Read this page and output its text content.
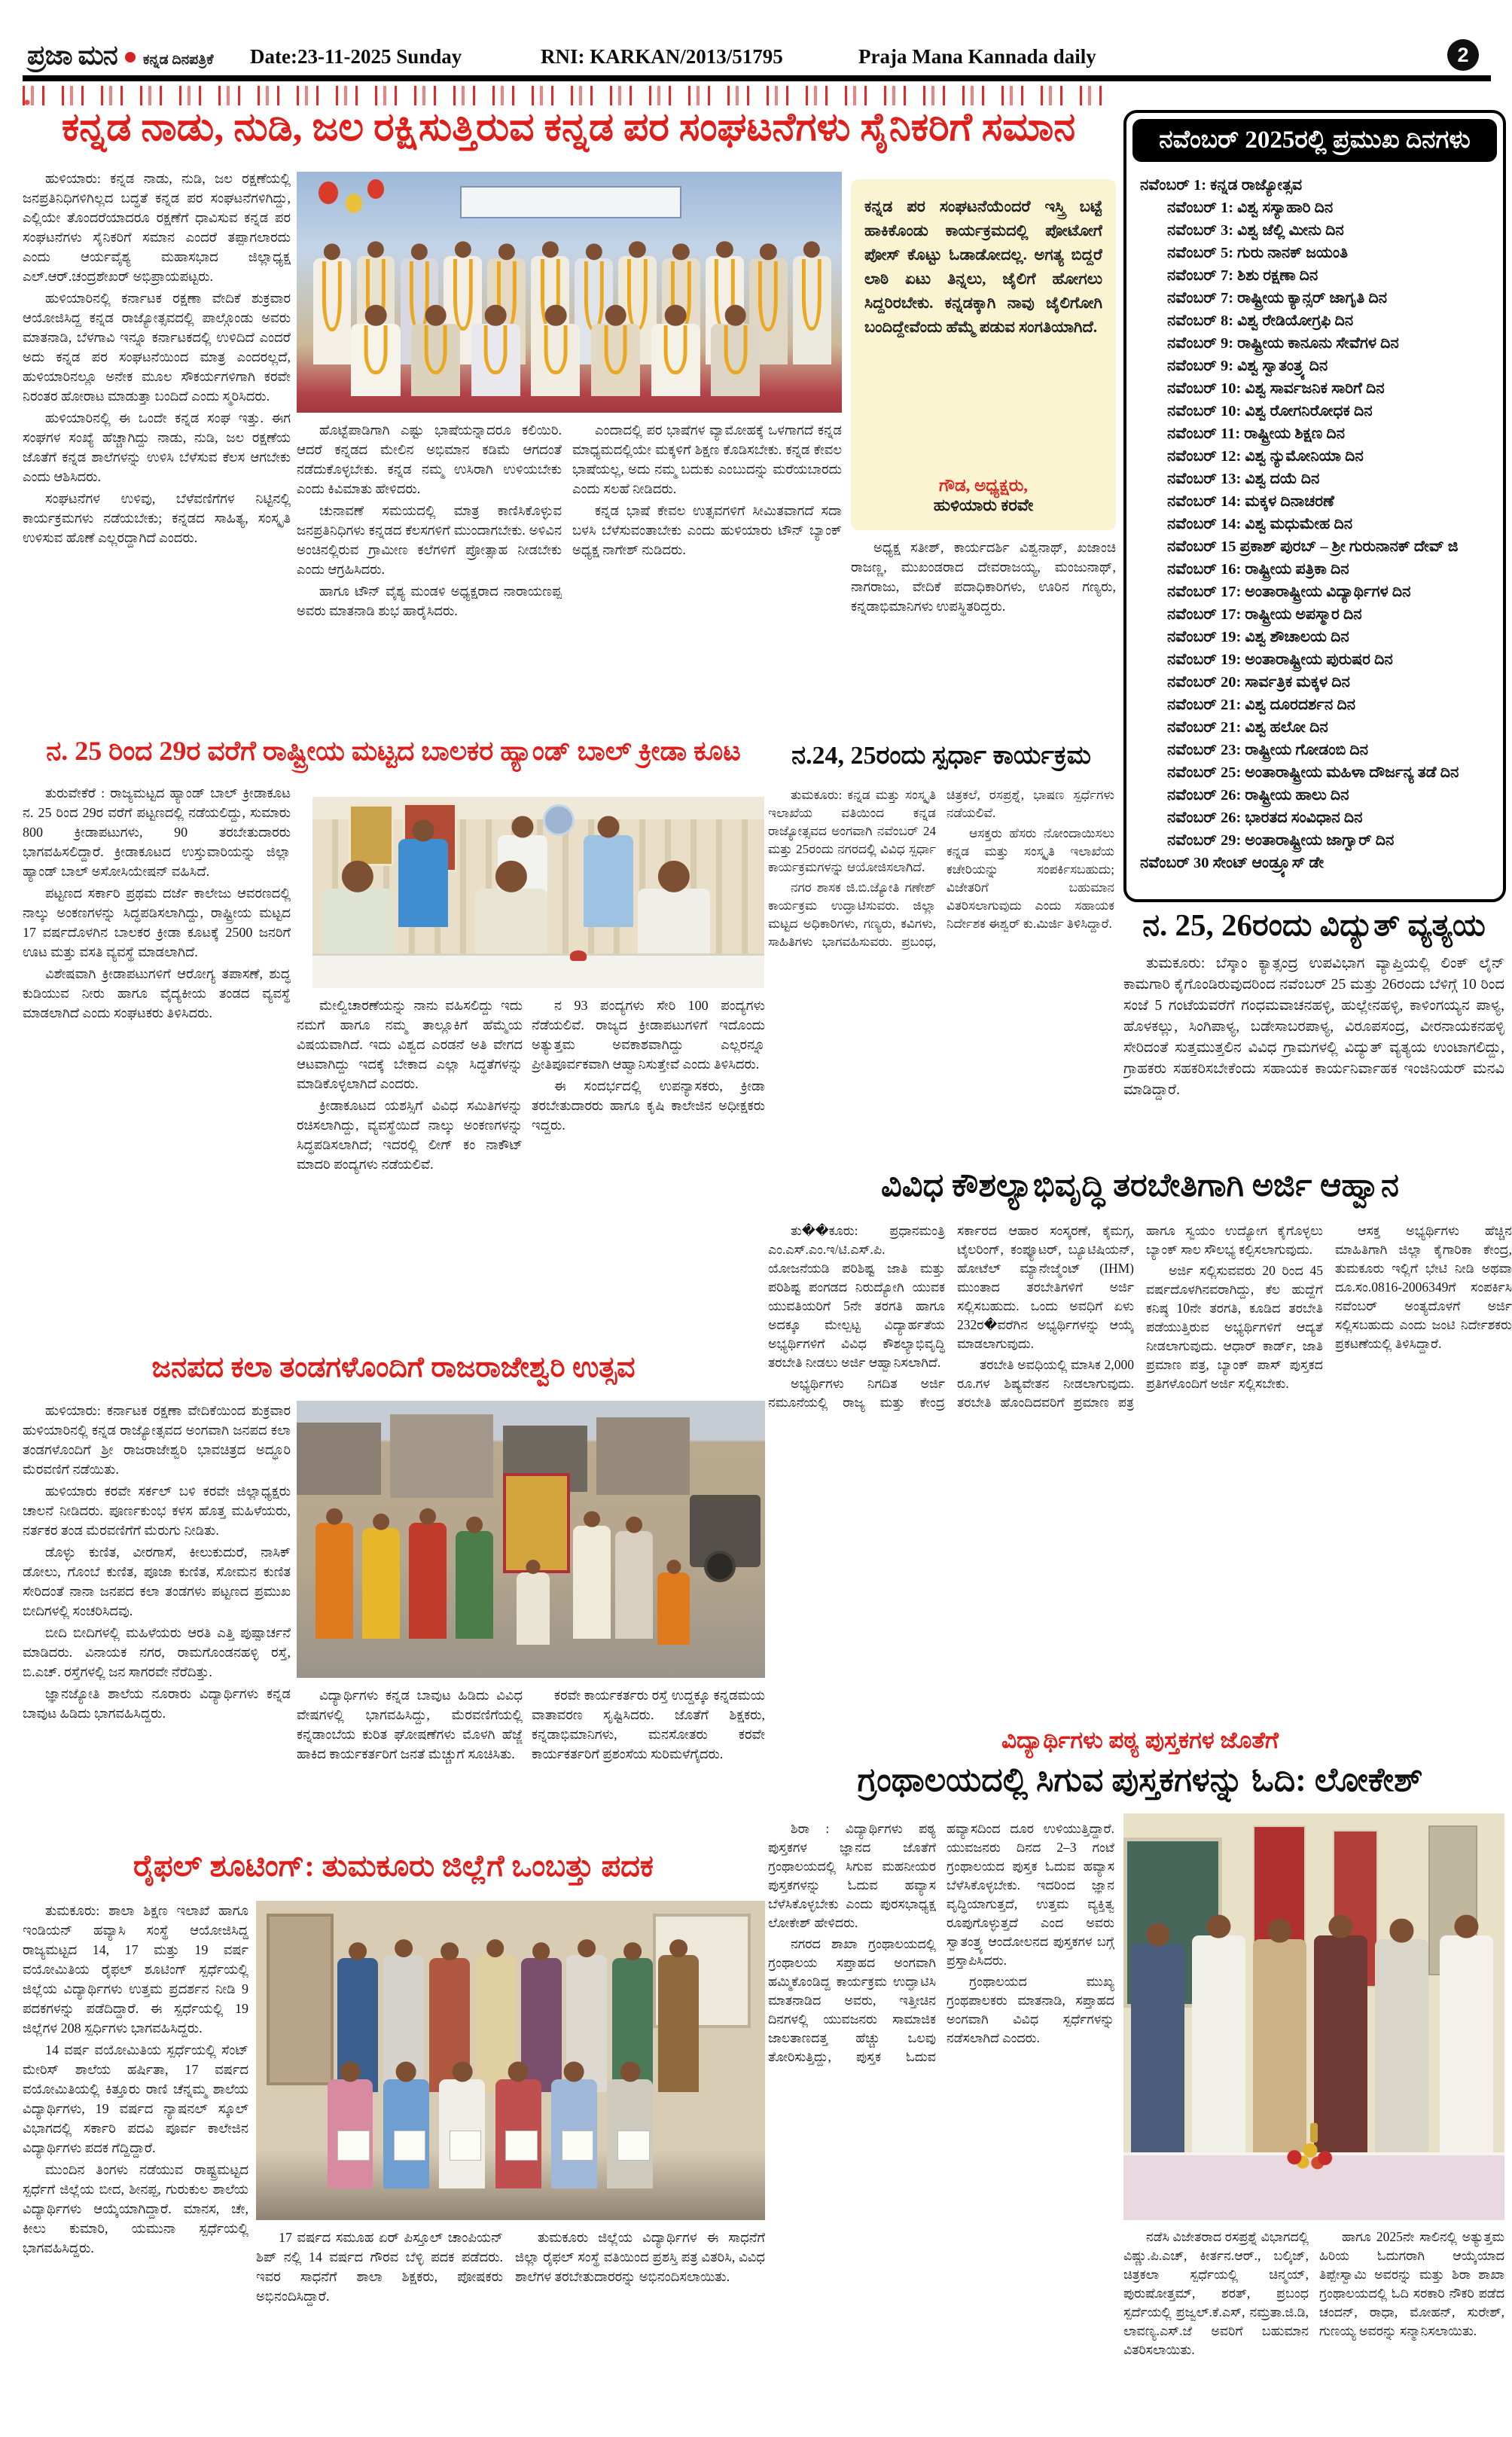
ಪ್ರಜಾ ಮನ ಕನ್ನಡ ದಿನಪತ್ರಿಕೆ Date:23-11-2025 Sunday	RNI: KARKAN/2013/51795	Praja Mana Kannada daily	2
ಕನ್ನಡ ನಾಡು, ನುಡಿ, ಜಲ ರಕ್ಷಿಸುತ್ತಿರುವ ಕನ್ನಡ ಪರ ಸಂಘಟನೆಗಳು ಸೈನಿಕರಿಗೆ ಸಮಾನ

ಹುಳಿಯಾರು: ಕನ್ನಡ ನಾಡು, ನುಡಿ, ಜಲ ರಕ್ಷಣೆಯಲ್ಲಿ ಜನಪ್ರತಿನಿಧಿಗಳಿಗಿಲ್ಲದ ಬದ್ಧತೆ ಕನ್ನಡ ಪರ ಸಂಘಟನೆಗಳಿಗಿದ್ದು, ಎಲ್ಲಿಯೇ ತೊಂದರೆಯಾದರೂ ರಕ್ಷಣೆಗೆ ಧಾವಿಸುವ ಕನ್ನಡ ಪರ ಸಂಘಟನೆಗಳು ಸೈನಿಕರಿಗೆ ಸಮಾನ ಎಂದರೆ ತಪ್ಪಾಗಲಾರದು ಎಂದು ಆರ್ಯವೈಶ್ಯ ಮಹಾಸಭಾದ ಜಿಲ್ಲಾಧ್ಯಕ್ಷ ಎಲ್.ಆರ್.ಚಂದ್ರಶೇಖರ್ ಅಭಿಪ್ರಾಯಪಟ್ಟರು.

ಹುಳಿಯಾರಿನಲ್ಲಿ ಕರ್ನಾಟಕ ರಕ್ಷಣಾ ವೇದಿಕೆ ಶುಕ್ರವಾರ ಆಯೋಜಿಸಿದ್ದ ಕನ್ನಡ ರಾಜ್ಯೋತ್ಸವದಲ್ಲಿ ಪಾಲ್ಗೊಂಡು ಅವರು ಮಾತನಾಡಿ, ಬೆಳಗಾವಿ ಇನ್ನೂ ಕರ್ನಾಟಕದಲ್ಲಿ ಉಳಿದಿದೆ ಎಂದರೆ ಅದು ಕನ್ನಡ ಪರ ಸಂಘಟನೆಯಿಂದ ಮಾತ್ರ ಎಂದರಲ್ಲದೆ, ಹುಳಿಯಾರಿನಲ್ಲೂ ಅನೇಕ ಮೂಲ ಸೌಕರ್ಯಗಳಿಗಾಗಿ ಕರವೇ ನಿರಂತರ ಹೋರಾಟ ಮಾಡುತ್ತಾ ಬಂದಿದೆ ಎಂದು ಸ್ಮರಿಸಿದರು.

ಹುಳಿಯಾರಿನಲ್ಲಿ ಈ ಒಂದೇ ಕನ್ನಡ ಸಂಘ ಇತ್ತು. ಈಗ ಸಂಘಗಳ ಸಂಖ್ಯೆ ಹೆಚ್ಚಾಗಿದ್ದು ನಾಡು, ನುಡಿ, ಜಲ ರಕ್ಷಣೆಯ ಜೊತೆಗೆ ಕನ್ನಡ ಶಾಲೆಗಳನ್ನು ಉಳಿಸಿ ಬೆಳೆಸುವ ಕೆಲಸ ಆಗಬೇಕು ಎಂದು ಆಶಿಸಿದರು.

ಸಂಘಟನೆಗಳ ಉಳಿವು, ಬೆಳೆವಣಿಗೆಗಳ ನಿಟ್ಟಿನಲ್ಲಿ ಕಾರ್ಯಕ್ರಮಗಳು ನಡೆಯಬೇಕು; ಕನ್ನಡದ ಸಾಹಿತ್ಯ, ಸಂಸ್ಕೃತಿ ಉಳಿಸುವ ಹೊಣೆ ಎಲ್ಲರದ್ದಾಗಿದೆ ಎಂದರು.

ಹೊಟ್ಟೆಪಾಡಿಗಾಗಿ ಎಷ್ಟು ಭಾಷೆಯನ್ನಾದರೂ ಕಲಿಯಿರಿ. ಆದರೆ ಕನ್ನಡದ ಮೇಲಿನ ಅಭಿಮಾನ ಕಡಿಮೆ ಆಗದಂತೆ ನಡೆದುಕೊಳ್ಳಬೇಕು. ಕನ್ನಡ ನಮ್ಮ ಉಸಿರಾಗಿ ಉಳಿಯಬೇಕು ಎಂದು ಕಿವಿಮಾತು ಹೇಳಿದರು.

ಚುನಾವಣೆ ಸಮಯದಲ್ಲಿ ಮಾತ್ರ ಕಾಣಿಸಿಕೊಳ್ಳುವ ಜನಪ್ರತಿನಿಧಿಗಳು ಕನ್ನಡದ ಕೆಲಸಗಳಿಗೆ ಮುಂದಾಗಬೇಕು. ಅಳಿವಿನ ಅಂಚಿನಲ್ಲಿರುವ ಗ್ರಾಮೀಣ ಕಲೆಗಳಿಗೆ ಪ್ರೋತ್ಸಾಹ ನೀಡಬೇಕು ಎಂದು ಆಗ್ರಹಿಸಿದರು.

ಹಾಗೂ ಟೌನ್ ವೈಶ್ಯ ಮಂಡಳಿ ಅಧ್ಯಕ್ಷರಾದ ನಾರಾಯಣಪ್ಪ ಅವರು ಮಾತನಾಡಿ ಶುಭ ಹಾರೈಸಿದರು.

ಎಂದಾದಲ್ಲಿ ಪರ ಭಾಷೆಗಳ ವ್ಯಾಮೋಹಕ್ಕೆ ಒಳಗಾಗದೆ ಕನ್ನಡ ಮಾಧ್ಯಮದಲ್ಲಿಯೇ ಮಕ್ಕಳಿಗೆ ಶಿಕ್ಷಣ ಕೊಡಿಸಬೇಕು. ಕನ್ನಡ ಕೇವಲ ಭಾಷೆಯಲ್ಲ, ಅದು ನಮ್ಮ ಬದುಕು ಎಂಬುದನ್ನು ಮರೆಯಬಾರದು ಎಂದು ಸಲಹೆ ನೀಡಿದರು.

ಕನ್ನಡ ಭಾಷೆ ಕೇವಲ ಉತ್ಸವಗಳಿಗೆ ಸೀಮಿತವಾಗದೆ ಸದಾ ಬಳಸಿ ಬೆಳೆಸುವಂತಾಬೇಕು ಎಂದು ಹುಳಿಯಾರು ಟೌನ್ ಬ್ಯಾಂಕ್ ಅಧ್ಯಕ್ಷ ನಾಗೇಶ್ ನುಡಿದರು.

ಕನ್ನಡ ಪರ ಸಂಘಟನೆಯೆಂದರೆ ಇಸ್ತ್ರಿ ಬಟ್ಟೆ ಹಾಕಿಕೊಂಡು ಕಾರ್ಯಕ್ರಮದಲ್ಲಿ ಪೋಟೋಗೆ ಪೋಸ್ ಕೊಟ್ಟು ಓಡಾಡೋದಲ್ಲ. ಅಗತ್ಯ ಬಿದ್ದರೆ ಲಾಠಿ ಏಟು ತಿನ್ನಲು, ಜೈಲಿಗೆ ಹೋಗಲು ಸಿದ್ದರಿರಬೇಕು. ಕನ್ನಡಕ್ಕಾಗಿ ನಾವು ಜೈಲಿಗೋಗಿ ಬಂದಿದ್ದೇವೆಂದು ಹೆಮ್ಮೆ ಪಡುವ ಸಂಗತಿಯಾಗಿದೆ.
ಗೌಡ, ಅಧ್ಯಕ್ಷರು,
ಹುಳಿಯಾರು ಕರವೇ

ಅಧ್ಯಕ್ಷ ಸತೀಶ್, ಕಾರ್ಯದರ್ಶಿ ವಿಶ್ವನಾಥ್, ಖಜಾಂಚಿ ರಾಜಣ್ಣ, ಮುಖಂಡರಾದ ದೇವರಾಜಯ್ಯ, ಮಂಜುನಾಥ್, ನಾಗರಾಜು, ವೇದಿಕೆ ಪದಾಧಿಕಾರಿಗಳು, ಊರಿನ ಗಣ್ಯರು, ಕನ್ನಡಾಭಿಮಾನಿಗಳು ಉಪಸ್ಥಿತರಿದ್ದರು.

ನವೆಂಬರ್ 2025ರಲ್ಲಿ ಪ್ರಮುಖ ದಿನಗಳು

ನವೆಂಬರ್ 1: ಕನ್ನಡ ರಾಜ್ಯೋತ್ಸವ

ನವೆಂಬರ್ 1: ವಿಶ್ವ ಸಸ್ಯಾಹಾರಿ ದಿನ

ನವೆಂಬರ್ 3: ವಿಶ್ವ ಜೆಲ್ಲಿ ಮೀನು ದಿನ

ನವೆಂಬರ್ 5: ಗುರು ನಾನಕ್ ಜಯಂತಿ

ನವೆಂಬರ್ 7: ಶಿಶು ರಕ್ಷಣಾ ದಿನ

ನವೆಂಬರ್ 7: ರಾಷ್ಟ್ರೀಯ ಕ್ಯಾನ್ಸರ್ ಜಾಗೃತಿ ದಿನ

ನವೆಂಬರ್ 8: ವಿಶ್ವ ರೇಡಿಯೋಗ್ರಫಿ ದಿನ

ನವೆಂಬರ್ 9: ರಾಷ್ಟ್ರೀಯ ಕಾನೂನು ಸೇವೆಗಳ ದಿನ

ನವೆಂಬರ್ 9: ವಿಶ್ವ ಸ್ವಾತಂತ್ರ್ಯ ದಿನ

ನವೆಂಬರ್ 10: ವಿಶ್ವ ಸಾರ್ವಜನಿಕ ಸಾರಿಗೆ ದಿನ

ನವೆಂಬರ್ 10: ವಿಶ್ವ ರೋಗನಿರೋಧಕ ದಿನ

ನವೆಂಬರ್ 11: ರಾಷ್ಟ್ರೀಯ ಶಿಕ್ಷಣ ದಿನ

ನವೆಂಬರ್ 12: ವಿಶ್ವ ನ್ಯುಮೋನಿಯಾ ದಿನ

ನವೆಂಬರ್ 13: ವಿಶ್ವ ದಯೆ ದಿನ

ನವೆಂಬರ್ 14: ಮಕ್ಕಳ ದಿನಾಚರಣೆ

ನವೆಂಬರ್ 14: ವಿಶ್ವ ಮಧುಮೇಹ ದಿನ

ನವೆಂಬರ್ 15 ಪ್ರಕಾಶ್ ಪುರಬ್ – ಶ್ರೀ ಗುರುನಾನಕ್ ದೇವ್ ಜಿ

ನವೆಂಬರ್ 16: ರಾಷ್ಟ್ರೀಯ ಪತ್ರಿಕಾ ದಿನ

ನವೆಂಬರ್ 17: ಅಂತಾರಾಷ್ಟ್ರೀಯ ವಿದ್ಯಾರ್ಥಿಗಳ ದಿನ

ನವೆಂಬರ್ 17: ರಾಷ್ಟ್ರೀಯ ಅಪಸ್ಮಾರ ದಿನ

ನವೆಂಬರ್ 19: ವಿಶ್ವ ಶೌಚಾಲಯ ದಿನ

ನವೆಂಬರ್ 19: ಅಂತಾರಾಷ್ಟ್ರೀಯ ಪುರುಷರ ದಿನ

ನವೆಂಬರ್ 20: ಸಾರ್ವತ್ರಿಕ ಮಕ್ಕಳ ದಿನ

ನವೆಂಬರ್ 21: ವಿಶ್ವ ದೂರದರ್ಶನ ದಿನ

ನವೆಂಬರ್ 21: ವಿಶ್ವ ಹಲೋ ದಿನ

ನವೆಂಬರ್ 23: ರಾಷ್ಟ್ರೀಯ ಗೋಡಂಬಿ ದಿನ

ನವೆಂಬರ್ 25: ಅಂತಾರಾಷ್ಟ್ರೀಯ ಮಹಿಳಾ ದೌರ್ಜನ್ಯ ತಡೆ ದಿನ

ನವೆಂಬರ್ 26: ರಾಷ್ಟ್ರೀಯ ಹಾಲು ದಿನ

ನವೆಂಬರ್ 26: ಭಾರತದ ಸಂವಿಧಾನ ದಿನ

ನವೆಂಬರ್ 29: ಅಂತಾರಾಷ್ಟ್ರೀಯ ಜಾಗ್ವಾರ್ ದಿನ

ನವೆಂಬರ್ 30 ಸೇಂಟ್ ಆಂಡ್ರ್ಯೂಸ್ ಡೇ

ನ. 25, 26ರಂದು ವಿದ್ಯುತ್ ವ್ಯತ್ಯಯ

ತುಮಕೂರು: ಬೆಸ್ಕಾಂ ಕ್ಯಾತ್ಸಂದ್ರ ಉಪವಿಭಾಗ ವ್ಯಾಪ್ತಿಯಲ್ಲಿ ಲಿಂಕ್ ಲೈನ್ ಕಾಮಗಾರಿ ಕೈಗೊಂಡಿರುವುದರಿಂದ ನವೆಂಬರ್ 25 ಮತ್ತು 26ರಂದು ಬೆಳಿಗ್ಗೆ 10 ರಿಂದ ಸಂಜೆ 5 ಗಂಟೆಯವರೆಗೆ ಗಂಧಮವಾಚನಹಳ್ಳಿ, ಹುಲ್ಲೇನಹಳ್ಳಿ, ಕಾಳಿಂಗಯ್ಯನ ಪಾಳ್ಯ, ಹೊಳಕಲ್ಲು, ಸಿಂಗಿಪಾಳ್ಯ, ಬಡೇಸಾಬರಪಾಳ್ಯ, ವಿರೂಪಸಂದ್ರ, ವೀರನಾಯಕನಹಳ್ಳಿ ಸೇರಿದಂತೆ ಸುತ್ತಮುತ್ತಲಿನ ವಿವಿಧ ಗ್ರಾಮಗಳಲ್ಲಿ ವಿದ್ಯುತ್ ವ್ಯತ್ಯಯ ಉಂಟಾಗಲಿದ್ದು, ಗ್ರಾಹಕರು ಸಹಕರಿಸಬೇಕೆಂದು ಸಹಾಯಕ ಕಾರ್ಯನಿರ್ವಾಹಕ ಇಂಜಿನಿಯರ್ ಮನವಿ ಮಾಡಿದ್ದಾರೆ.

ನ. 25 ರಿಂದ 29ರ ವರೆಗೆ ರಾಷ್ಟ್ರೀಯ ಮಟ್ಟದ ಬಾಲಕರ ಹ್ಯಾಂಡ್ ಬಾಲ್ ಕ್ರೀಡಾ ಕೂಟ

ತುರುವೇಕೆರೆ : ರಾಜ್ಯಮಟ್ಟದ ಹ್ಯಾಂಡ್ ಬಾಲ್ ಕ್ರೀಡಾಕೂಟ ನ. 25 ರಿಂದ 29ರ ವರೆಗೆ ಪಟ್ಟಣದಲ್ಲಿ ನಡೆಯಲಿದ್ದು, ಸುಮಾರು 800 ಕ್ರೀಡಾಪಟುಗಳು, 90 ತರಬೇತುದಾರರು ಭಾಗವಹಿಸಲಿದ್ದಾರೆ. ಕ್ರೀಡಾಕೂಟದ ಉಸ್ತುವಾರಿಯನ್ನು ಜಿಲ್ಲಾ ಹ್ಯಾಂಡ್ ಬಾಲ್ ಅಸೋಸಿಯೇಷನ್ ವಹಿಸಿದೆ.

ಪಟ್ಟಣದ ಸರ್ಕಾರಿ ಪ್ರಥಮ ದರ್ಜೆ ಕಾಲೇಜು ಆವರಣದಲ್ಲಿ ನಾಲ್ಕು ಅಂಕಣಗಳನ್ನು ಸಿದ್ಧಪಡಿಸಲಾಗಿದ್ದು, ರಾಷ್ಟ್ರೀಯ ಮಟ್ಟದ 17 ವರ್ಷದೊಳಗಿನ ಬಾಲಕರ ಕ್ರೀಡಾ ಕೂಟಕ್ಕೆ 2500 ಜನರಿಗೆ ಊಟ ಮತ್ತು ವಸತಿ ವ್ಯವಸ್ಥೆ ಮಾಡಲಾಗಿದೆ.

ವಿಶೇಷವಾಗಿ ಕ್ರೀಡಾಪಟುಗಳಿಗೆ ಆರೋಗ್ಯ ತಪಾಸಣೆ, ಶುದ್ಧ ಕುಡಿಯುವ ನೀರು ಹಾಗೂ ವೈದ್ಯಕೀಯ ತಂಡದ ವ್ಯವಸ್ಥೆ ಮಾಡಲಾಗಿದೆ ಎಂದು ಸಂಘಟಕರು ತಿಳಿಸಿದರು.	ಮೇಲ್ವಿಚಾರಣೆಯನ್ನು ನಾನು ವಹಿಸಲಿದ್ದು ಇದು ನಮಗೆ ಹಾಗೂ ನಮ್ಮ ತಾಲ್ಲೂಕಿಗೆ ಹೆಮ್ಮೆಯ ವಿಷಯವಾಗಿದೆ. ಇದು ವಿಶ್ವದ ಎರಡನೆ ಅತಿ ವೇಗದ ಆಟವಾಗಿದ್ದು ಇದಕ್ಕೆ ಬೇಕಾದ ಎಲ್ಲಾ ಸಿದ್ಧತೆಗಳನ್ನು ಮಾಡಿಕೊಳ್ಳಲಾಗಿದೆ ಎಂದರು.

ಕ್ರೀಡಾಕೂಟದ ಯಶಸ್ಸಿಗೆ ವಿವಿಧ ಸಮಿತಿಗಳನ್ನು ರಚಿಸಲಾಗಿದ್ದು, ವ್ಯವಸ್ಥೆಯಿದೆ ನಾಲ್ಕು ಅಂಕಣಗಳನ್ನು ಸಿದ್ಧಪಡಿಸಲಾಗಿದೆ; ಇದರಲ್ಲಿ ಲೀಗ್ ಕಂ ನಾಕೌಟ್ ಮಾದರಿ ಪಂದ್ಯಗಳು ನಡೆಯಲಿವೆ.

ನ 93 ಪಂದ್ಯಗಳು ಸೇರಿ 100 ಪಂದ್ಯಗಳು ನೆಡೆಯಲಿವೆ. ರಾಜ್ಯದ ಕ್ರೀಡಾಪಟುಗಳಿಗೆ ಇದೊಂದು ಅತ್ಯುತ್ತಮ ಅವಕಾಶವಾಗಿದ್ದು ಎಲ್ಲರನ್ನೂ ಪ್ರೀತಿಪೂರ್ವಕವಾಗಿ ಆಹ್ವಾನಿಸುತ್ತೇವೆ ಎಂದು ತಿಳಿಸಿದರು.

ಈ ಸಂದರ್ಭದಲ್ಲಿ ಉಪನ್ಯಾಸಕರು, ಕ್ರೀಡಾ ತರಬೇತುದಾರರು ಹಾಗೂ ಕೃಷಿ ಕಾಲೇಜಿನ ಅಧೀಕ್ಷಕರು ಇದ್ದರು.

ನ.24, 25ರಂದು ಸ್ಪರ್ಧಾ ಕಾರ್ಯಕ್ರಮ

ತುಮಕೂರು: ಕನ್ನಡ ಮತ್ತು ಸಂಸ್ಕೃತಿ ಇಲಾಖೆಯ ವತಿಯಿಂದ ಕನ್ನಡ ರಾಜ್ಯೋತ್ಸವದ ಅಂಗವಾಗಿ ನವೆಂಬರ್ 24 ಮತ್ತು 25ರಂದು ನಗರದಲ್ಲಿ ವಿವಿಧ ಸ್ಪರ್ಧಾ ಕಾರ್ಯಕ್ರಮಗಳನ್ನು ಆಯೋಜಿಸಲಾಗಿದೆ.

ನಗರ ಶಾಸಕ ಜಿ.ಬಿ.ಜ್ಯೋತಿ ಗಣೇಶ್ ಕಾರ್ಯಕ್ರಮ ಉದ್ಘಾಟಿಸುವರು. ಜಿಲ್ಲಾ ಮಟ್ಟದ ಅಧಿಕಾರಿಗಳು, ಗಣ್ಯರು, ಕವಿಗಳು, ಸಾಹಿತಿಗಳು ಭಾಗವಹಿಸುವರು. ಪ್ರಬಂಧ, ಚಿತ್ರಕಲೆ, ರಸಪ್ರಶ್ನೆ, ಭಾಷಣ ಸ್ಪರ್ಧೆಗಳು ನಡೆಯಲಿವೆ.

ಆಸಕ್ತರು ಹೆಸರು ನೋಂದಾಯಿಸಲು ಕನ್ನಡ ಮತ್ತು ಸಂಸ್ಕೃತಿ ಇಲಾಖೆಯ ಕಚೇರಿಯನ್ನು ಸಂಪರ್ಕಿಸಬಹುದು; ವಿಜೇತರಿಗೆ ಬಹುಮಾನ ವಿತರಿಸಲಾಗುವುದು ಎಂದು ಸಹಾಯಕ ನಿರ್ದೇಶಕ ಈಶ್ವರ್ ಕು.ಮಿರ್ಜಿ ತಿಳಿಸಿದ್ದಾರೆ.

ವಿವಿಧ ಕೌಶಲ್ಯಾಭಿವೃದ್ಧಿ ತರಬೇತಿಗಾಗಿ ಅರ್ಜಿ ಆಹ್ವಾನ

ತು��ಕೂರು: ಪ್ರಧಾನಮಂತ್ರಿ ಎಂ.ಎಸ್.ಎಂ.ಇ/ಟಿ.ಎಸ್.ಪಿ. ಯೋಜನೆಯಡಿ ಪರಿಶಿಷ್ಟ ಜಾತಿ ಮತ್ತು ಪರಿಶಿಷ್ಟ ಪಂಗಡದ ನಿರುದ್ಯೋಗಿ ಯುವಕ ಯುವತಿಯರಿಗೆ 5ನೇ ತರಗತಿ ಹಾಗೂ ಅದಕ್ಕೂ ಮೇಲ್ಪಟ್ಟ ವಿದ್ಯಾರ್ಹತೆಯ ಅಭ್ಯರ್ಥಿಗಳಿಗೆ ವಿವಿಧ ಕೌಶಲ್ಯಾಭಿವೃದ್ಧಿ ತರಬೇತಿ ನೀಡಲು ಅರ್ಜಿ ಆಹ್ವಾನಿಸಲಾಗಿದೆ.

ಅಭ್ಯರ್ಥಿಗಳು ನಿಗದಿತ ಅರ್ಜಿ ನಮೂನೆಯಲ್ಲಿ ರಾಜ್ಯ ಮತ್ತು ಕೇಂದ್ರ ಸರ್ಕಾರದ ಆಹಾರ ಸಂಸ್ಕರಣೆ, ಕೈಮಗ್ಗ, ಟೈಲರಿಂಗ್, ಕಂಪ್ಯೂಟರ್, ಬ್ಯೂಟಿಷಿಯನ್, ಹೋಟೆಲ್ ಮ್ಯಾನೇಜ್ಮೆಂಟ್ (IHM) ಮುಂತಾದ ತರಬೇತಿಗಳಿಗೆ ಅರ್ಜಿ ಸಲ್ಲಿಸಬಹುದು. ಒಂದು ಅವಧಿಗೆ ಏಳು 232ರ�ವರೆಗಿನ ಅಭ್ಯರ್ಥಿಗಳನ್ನು ಆಯ್ಕೆ ಮಾಡಲಾಗುವುದು.

ತರಬೇತಿ ಅವಧಿಯಲ್ಲಿ ಮಾಸಿಕ 2,000 ರೂ.ಗಳ ಶಿಷ್ಯವೇತನ ನೀಡಲಾಗುವುದು. ತರಬೇತಿ ಹೊಂದಿದವರಿಗೆ ಪ್ರಮಾಣ ಪತ್ರ ಹಾಗೂ ಸ್ವಯಂ ಉದ್ಯೋಗ ಕೈಗೊಳ್ಳಲು ಬ್ಯಾಂಕ್ ಸಾಲ ಸೌಲಭ್ಯ ಕಲ್ಪಿಸಲಾಗುವುದು.

ಅರ್ಜಿ ಸಲ್ಲಿಸುವವರು 20 ರಿಂದ 45 ವರ್ಷದೊಳಗಿನವರಾಗಿದ್ದು, ಕೆಲ ಹುದ್ದೆಗೆ ಕನಿಷ್ಠ 10ನೇ ತರಗತಿ, ಕೂಡಿದ ತರಬೇತಿ ಪಡೆಯುತ್ತಿರುವ ಅಭ್ಯರ್ಥಿಗಳಿಗೆ ಆದ್ಯತೆ ನೀಡಲಾಗುವುದು. ಆಧಾರ್ ಕಾರ್ಡ್, ಜಾತಿ ಪ್ರಮಾಣ ಪತ್ರ, ಬ್ಯಾಂಕ್ ಪಾಸ್ ಪುಸ್ತಕದ ಪ್ರತಿಗಳೊಂದಿಗೆ ಅರ್ಜಿ ಸಲ್ಲಿಸಬೇಕು.

ಆಸಕ್ತ ಅಭ್ಯರ್ಥಿಗಳು ಹೆಚ್ಚಿನ ಮಾಹಿತಿಗಾಗಿ ಜಿಲ್ಲಾ ಕೈಗಾರಿಕಾ ಕೇಂದ್ರ, ತುಮಕೂರು ಇಲ್ಲಿಗೆ ಭೇಟಿ ನೀಡಿ ಅಥವಾ ದೂ.ಸಂ.0816-2006349ಗೆ ಸಂಪರ್ಕಿಸಿ ನವೆಂಬರ್ ಅಂತ್ಯದೊಳಗೆ ಅರ್ಜಿ ಸಲ್ಲಿಸಬಹುದು ಎಂದು ಜಂಟಿ ನಿರ್ದೇಶಕರು ಪ್ರಕಟಣೆಯಲ್ಲಿ ತಿಳಿಸಿದ್ದಾರೆ.

ಜನಪದ ಕಲಾ ತಂಡಗಳೊಂದಿಗೆ ರಾಜರಾಜೇಶ್ವರಿ ಉತ್ಸವ

ಹುಳಿಯಾರು: ಕರ್ನಾಟಕ ರಕ್ಷಣಾ ವೇದಿಕೆಯಿಂದ ಶುಕ್ರವಾರ ಹುಳಿಯಾರಿನಲ್ಲಿ ಕನ್ನಡ ರಾಜ್ಯೋತ್ಸವದ ಅಂಗವಾಗಿ ಜನಪದ ಕಲಾ ತಂಡಗಳೊಂದಿಗೆ ಶ್ರೀ ರಾಜರಾಜೇಶ್ವರಿ ಭಾವಚಿತ್ರದ ಅದ್ಧೂರಿ ಮೆರವಣಿಗೆ ನಡೆಯಿತು.

ಹುಳಿಯಾರು ಕರವೇ ಸರ್ಕಲ್ ಬಳಿ ಕರವೇ ಜಿಲ್ಲಾಧ್ಯಕ್ಷರು ಚಾಲನೆ ನೀಡಿದರು. ಪೂರ್ಣಕುಂಭ ಕಳಸ ಹೊತ್ತ ಮಹಿಳೆಯರು, ನರ್ತಕರ ತಂಡ ಮೆರವಣಿಗೆಗೆ ಮೆರುಗು ನೀಡಿತು.

ಡೊಳ್ಳು ಕುಣಿತ, ವೀರಗಾಸೆ, ಕೀಲುಕುದುರೆ, ನಾಸಿಕ್ ಡೋಲು, ಗೊಂಬೆ ಕುಣಿತ, ಪೂಜಾ ಕುಣಿತ, ಸೋಮನ ಕುಣಿತ ಸೇರಿದಂತೆ ನಾನಾ ಜನಪದ ಕಲಾ ತಂಡಗಳು ಪಟ್ಟಣದ ಪ್ರಮುಖ ಬೀದಿಗಳಲ್ಲಿ ಸಂಚರಿಸಿದವು.

ಬೀದಿ ಬೀದಿಗಳಲ್ಲಿ ಮಹಿಳೆಯರು ಆರತಿ ಎತ್ತಿ ಪುಷ್ಪಾರ್ಚನೆ ಮಾಡಿದರು. ವಿನಾಯಕ ನಗರ, ರಾಮಗೊಂಡನಹಳ್ಳಿ ರಸ್ತೆ, ಬಿ.ಎಚ್. ರಸ್ತೆಗಳಲ್ಲಿ ಜನ ಸಾಗರವೇ ನೆರೆದಿತ್ತು.

ಜ್ಞಾನಜ್ಯೋತಿ ಶಾಲೆಯ ನೂರಾರು ವಿದ್ಯಾರ್ಥಿಗಳು ಕನ್ನಡ ಬಾವುಟ ಹಿಡಿದು ಭಾಗವಹಿಸಿದ್ದರು.

ವಿದ್ಯಾರ್ಥಿಗಳು ಕನ್ನಡ ಬಾವುಟ ಹಿಡಿದು ವಿವಿಧ ವೇಷಗಳಲ್ಲಿ ಭಾಗವಹಿಸಿದ್ದು, ಮೆರವಣಿಗೆಯಲ್ಲಿ ಕನ್ನಡಾಂಬೆಯ ಕುರಿತ ಘೋಷಣೆಗಳು ಮೊಳಗಿ ಹೆಜ್ಜೆ ಹಾಕಿದ ಕಾರ್ಯಕರ್ತರಿಗೆ ಜನತೆ ಮೆಚ್ಚುಗೆ ಸೂಚಿಸಿತು.

ಕರವೇ ಕಾರ್ಯಕರ್ತರು ರಸ್ತೆ ಉದ್ದಕ್ಕೂ ಕನ್ನಡಮಯ ವಾತಾವರಣ ಸೃಷ್ಟಿಸಿದರು. ಜೊತೆಗೆ ಶಿಕ್ಷಕರು, ಕನ್ನಡಾಭಿಮಾನಿಗಳು, ಮನಸೋತರು ಕರವೇ ಕಾರ್ಯಕರ್ತರಿಗೆ ಪ್ರಶಂಸೆಯ ಸುರಿಮಳೆಗೈದರು.

ರೈಫಲ್ ಶೂಟಿಂಗ್: ತುಮಕೂರು ಜಿಲ್ಲೆಗೆ ಒಂಬತ್ತು ಪದಕ

ತುಮಕೂರು: ಶಾಲಾ ಶಿಕ್ಷಣ ಇಲಾಖೆ ಹಾಗೂ ಇಂಡಿಯನ್ ಹವ್ಯಾಸಿ ಸಂಸ್ಥೆ ಆಯೋಜಿಸಿದ್ದ ರಾಜ್ಯಮಟ್ಟದ 14, 17 ಮತ್ತು 19 ವರ್ಷ ವಯೋಮಿತಿಯ ರೈಫಲ್ ಶೂಟಿಂಗ್ ಸ್ಪರ್ಧೆಯಲ್ಲಿ ಜಿಲ್ಲೆಯ ವಿದ್ಯಾರ್ಥಿಗಳು ಉತ್ತಮ ಪ್ರದರ್ಶನ ನೀಡಿ 9 ಪದಕಗಳನ್ನು ಪಡೆದಿದ್ದಾರೆ. ಈ ಸ್ಪರ್ಧೆಯಲ್ಲಿ 19 ಜಿಲ್ಲೆಗಳ 208 ಸ್ಪರ್ಧಿಗಳು ಭಾಗವಹಿಸಿದ್ದರು.

14 ವರ್ಷ ವಯೋಮಿತಿಯ ಸ್ಪರ್ಧೆಯಲ್ಲಿ ಸೆಂಟ್ ಮೇರಿಸ್ ಶಾಲೆಯ ಹರ್ಷಿತಾ, 17 ವರ್ಷದ ವಯೋಮಿತಿಯಲ್ಲಿ ಕಿತ್ತೂರು ರಾಣಿ ಚೆನ್ನಮ್ಮ ಶಾಲೆಯ ವಿದ್ಯಾರ್ಥಿಗಳು, 19 ವರ್ಷದ ನ್ಯಾಷನಲ್ ಸ್ಕೂಲ್ ವಿಭಾಗದಲ್ಲಿ ಸರ್ಕಾರಿ ಪದವಿ ಪೂರ್ವ ಕಾಲೇಜಿನ ವಿದ್ಯಾರ್ಥಿಗಳು ಪದಕ ಗೆದ್ದಿದ್ದಾರೆ.

ಮುಂದಿನ ತಿಂಗಳು ನಡೆಯುವ ರಾಷ್ಟ್ರಮಟ್ಟದ ಸ್ಪರ್ಧೆಗೆ ಜಿಲ್ಲೆಯ ಬೀದ, ಶೀನಪ್ಪ, ಗುರುಕುಲ ಶಾಲೆಯ ವಿದ್ಯಾರ್ಥಿಗಳು ಆಯ್ಕೆಯಾಗಿದ್ದಾರೆ. ಮಾನಸ, ಚೇ, ಕೀಲು ಕುಮಾರಿ, ಯಮುನಾ ಸ್ಪರ್ಧೆಯಲ್ಲಿ ಭಾಗವಹಿಸಿದ್ದರು.

17 ವರ್ಷದ ಸಮೂಹ ಏರ್ ಪಿಸ್ತೂಲ್ ಚಾಂಪಿಯನ್ ಶಿಪ್ ನಲ್ಲಿ 14 ವರ್ಷದ ಗೌರವ ಬೆಳ್ಳಿ ಪದಕ ಪಡೆದರು. ಇವರ ಸಾಧನೆಗೆ ಶಾಲಾ ಶಿಕ್ಷಕರು, ಪೋಷಕರು ಅಭಿನಂದಿಸಿದ್ದಾರೆ.

ತುಮಕೂರು ಜಿಲ್ಲೆಯ ವಿದ್ಯಾರ್ಥಿಗಳ ಈ ಸಾಧನೆಗೆ ಜಿಲ್ಲಾ ರೈಫಲ್ ಸಂಸ್ಥೆ ವತಿಯಿಂದ ಪ್ರಶಸ್ತಿ ಪತ್ರ ವಿತರಿಸಿ, ವಿವಿಧ ಶಾಲೆಗಳ ತರಬೇತುದಾರರನ್ನು ಅಭಿನಂದಿಸಲಾಯಿತು.

ವಿದ್ಯಾರ್ಥಿಗಳು ಪಠ್ಯ ಪುಸ್ತಕಗಳ ಜೊತೆಗೆ
ಗ್ರಂಥಾಲಯದಲ್ಲಿ ಸಿಗುವ ಪುಸ್ತಕಗಳನ್ನು ಓದಿ: ಲೋಕೇಶ್

ಶಿರಾ : ವಿದ್ಯಾರ್ಥಿಗಳು ಪಠ್ಯ ಪುಸ್ತಕಗಳ ಜ್ಞಾನದ ಜೊತೆಗೆ ಗ್ರಂಥಾಲಯದಲ್ಲಿ ಸಿಗುವ ಮಹನೀಯರ ಪುಸ್ತಕಗಳನ್ನು ಓದುವ ಹವ್ಯಾಸ ಬೆಳೆಸಿಕೊಳ್ಳಬೇಕು ಎಂದು ಪುರಸಭಾಧ್ಯಕ್ಷ ಲೋಕೇಶ್ ಹೇಳಿದರು.

ನಗರದ ಶಾಖಾ ಗ್ರಂಥಾಲಯದಲ್ಲಿ ಗ್ರಂಥಾಲಯ ಸಪ್ತಾಹದ ಅಂಗವಾಗಿ ಹಮ್ಮಿಕೊಂಡಿದ್ದ ಕಾರ್ಯಕ್ರಮ ಉದ್ಘಾಟಿಸಿ ಮಾತನಾಡಿದ ಅವರು, ಇತ್ತೀಚಿನ ದಿನಗಳಲ್ಲಿ ಯುವಜನರು ಸಾಮಾಜಿಕ ಜಾಲತಾಣದತ್ತ ಹೆಚ್ಚು ಒಲವು ತೋರಿಸುತ್ತಿದ್ದು, ಪುಸ್ತಕ ಓದುವ ಹವ್ಯಾಸದಿಂದ ದೂರ ಉಳಿಯುತ್ತಿದ್ದಾರೆ. ಯುವಜನರು ದಿನದ 2–3 ಗಂಟೆ ಗ್ರಂಥಾಲಯದ ಪುಸ್ತಕ ಓದುವ ಹವ್ಯಾಸ ಬೆಳೆಸಿಕೊಳ್ಳಬೇಕು. ಇದರಿಂದ ಜ್ಞಾನ ವೃದ್ಧಿಯಾಗುತ್ತದೆ, ಉತ್ತಮ ವ್ಯಕ್ತಿತ್ವ ರೂಪುಗೊಳ್ಳುತ್ತದೆ ಎಂದ ಅವರು ಸ್ವಾತಂತ್ರ್ಯ ಆಂದೋಲನದ ಪುಸ್ತಕಗಳ ಬಗ್ಗೆ ಪ್ರಸ್ತಾಪಿಸಿದರು.

ಗ್ರಂಥಾಲಯದ ಮುಖ್ಯ ಗ್ರಂಥಪಾಲಕರು ಮಾತನಾಡಿ, ಸಪ್ತಾಹದ ಅಂಗವಾಗಿ ವಿವಿಧ ಸ್ಪರ್ಧೆಗಳನ್ನು ನಡೆಸಲಾಗಿದೆ ಎಂದರು.

ನಡೆಸಿ ವಿಜೇತರಾದ ರಸಪ್ರಶ್ನೆ ವಿಭಾಗದಲ್ಲಿ ವಿಷ್ಣು.ಪಿ.ಎಚ್, ಕೀರ್ತನ.ಆರ್., ಬಲ್ಕಿಜ್, ಚಿತ್ರಕಲಾ ಸ್ಪರ್ಧೆಯಲ್ಲಿ ಚಿನ್ಮಯ್, ಪುರುಷೋತ್ತಮ್, ಶರತ್, ಪ್ರಬಂಧ ಸ್ಪರ್ದೆಯಲ್ಲಿ ಪ್ರಜ್ವಲ್.ಕೆ.ಎಸ್, ನಮ್ರತಾ.ಜಿ.ಡಿ, ಲಾವಣ್ಯ.ಎಸ್.ಜೆ ಅವರಿಗೆ ಬಹುಮಾನ ವಿತರಿಸಲಾಯಿತು.

ಹಾಗೂ 2025ನೇ ಸಾಲಿನಲ್ಲಿ ಅತ್ಯುತ್ತಮ ಹಿರಿಯ ಓದುಗರಾಗಿ ಆಯ್ಕೆಯಾದ ತಿಪ್ಪೇಸ್ವಾಮಿ ಅವರನ್ನು ಮತ್ತು ಶಿರಾ ಶಾಖಾ ಗ್ರಂಥಾಲಯದಲ್ಲಿ ಓದಿ ಸರಕಾರಿ ನೌಕರಿ ಪಡೆದ ಚಂದನ್, ರಾಧಾ, ಮೋಹನ್, ಸುರೇಶ್, ಗುಣಯ್ಯ ಅವರನ್ನು ಸನ್ಮಾನಿಸಲಾಯಿತು.
